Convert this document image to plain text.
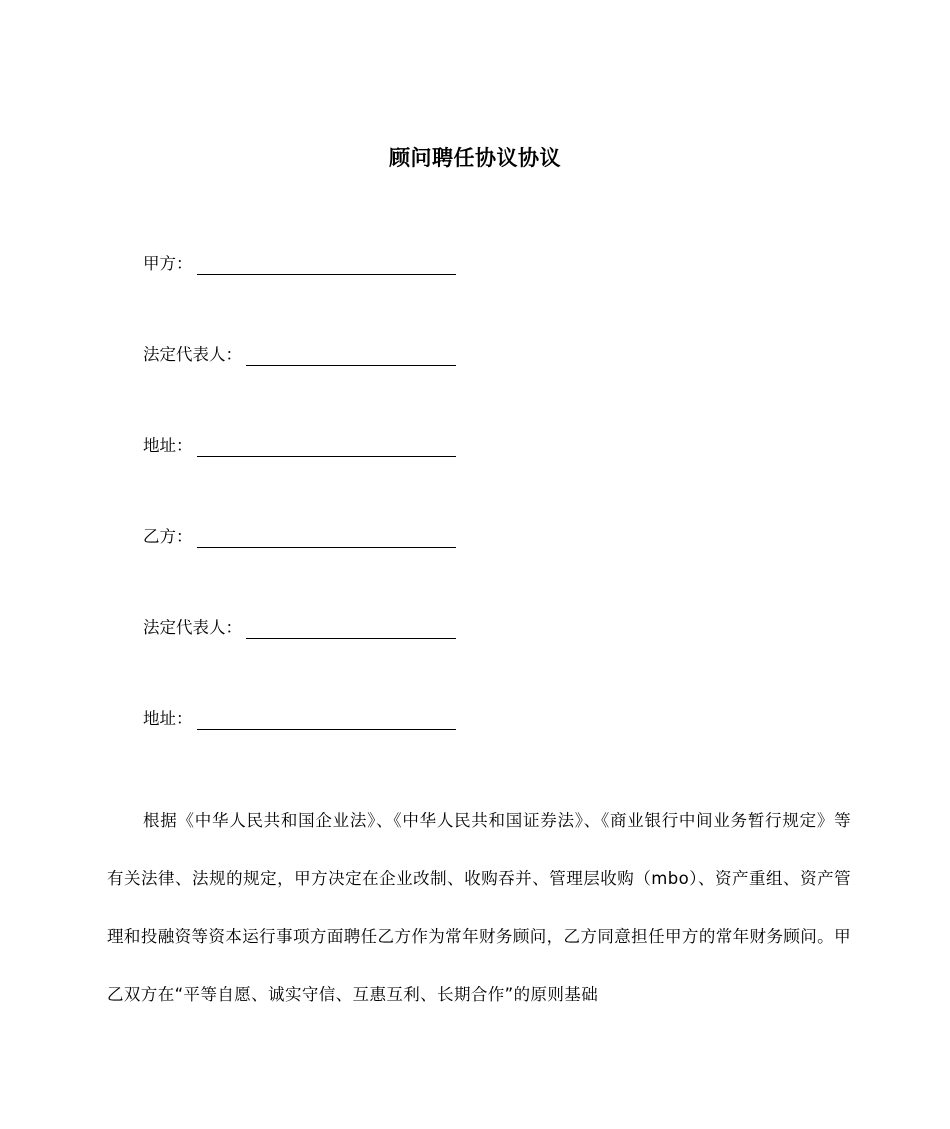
顾问聘任协议协议
甲方：
法定代表人：
地址：
乙方：
法定代表人：
地址：
根据《中华人民共和国企业法》、《中华人民共和国证券法》、《商业银行中间业务暂行规定》等有关法律、法规的规定，甲方决定在企业改制、收购吞并、管理层收购（mbo）、资产重组、资产管理和投融资等资本运行事项方面聘任乙方作为常年财务顾问，乙方同意担任甲方的常年财务顾问。甲乙双方在“平等自愿、诚实守信、互惠互利、长期合作”的原则基础
